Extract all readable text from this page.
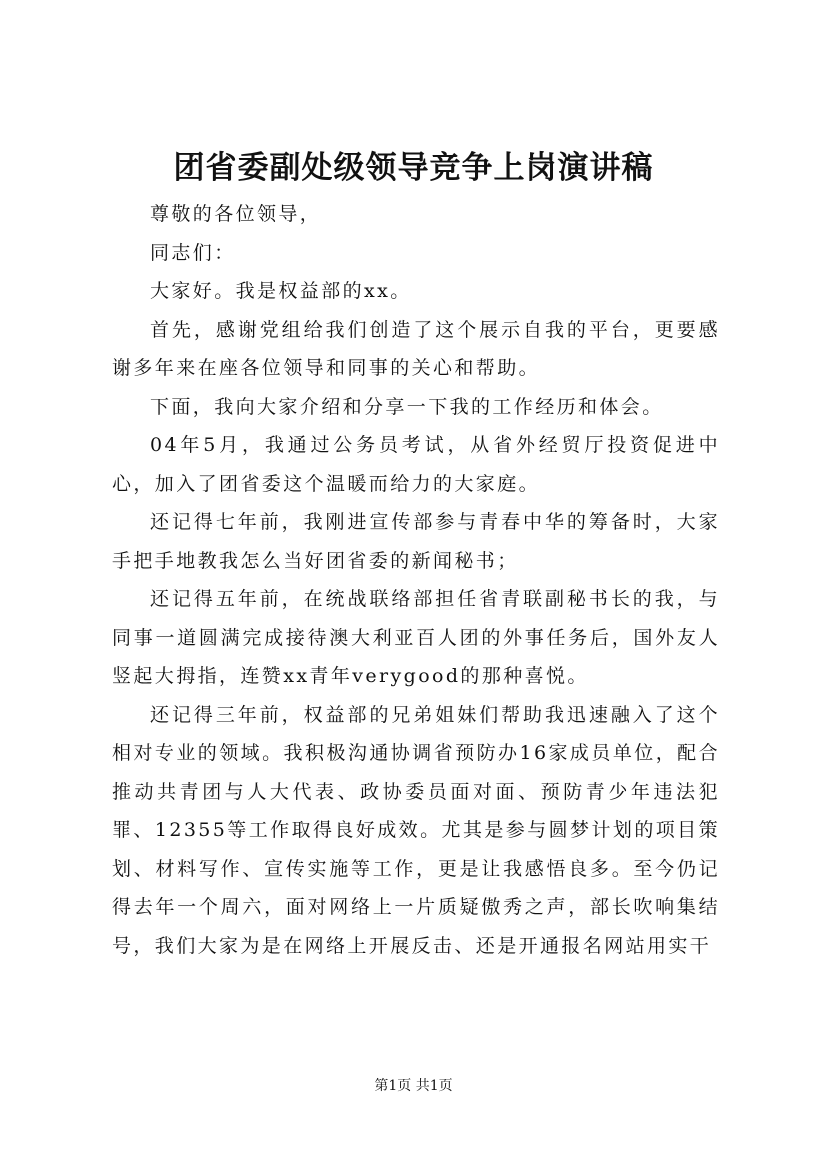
团省委副处级领导竞争上岗演讲稿

尊敬的各位领导，

同志们：

大家好。我是权益部的xx。

首先，感谢党组给我们创造了这个展示自我的平台，更要感谢多年来在座各位领导和同事的关心和帮助。

下面，我向大家介绍和分享一下我的工作经历和体会。

04年5月，我通过公务员考试，从省外经贸厅投资促进中心，加入了团省委这个温暖而给力的大家庭。

还记得七年前，我刚进宣传部参与青春中华的筹备时，大家手把手地教我怎么当好团省委的新闻秘书；

还记得五年前，在统战联络部担任省青联副秘书长的我，与同事一道圆满完成接待澳大利亚百人团的外事任务后，国外友人竖起大拇指，连赞xx青年verygood的那种喜悦。

还记得三年前，权益部的兄弟姐妹们帮助我迅速融入了这个相对专业的领域。我积极沟通协调省预防办16家成员单位，配合推动共青团与人大代表、政协委员面对面、预防青少年违法犯罪、12355等工作取得良好成效。尤其是参与圆梦计划的项目策划、材料写作、宣传实施等工作，更是让我感悟良多。至今仍记得去年一个周六，面对网络上一片质疑傲秀之声，部长吹响集结号，我们大家为是在网络上开展反击、还是开通报名网站用实干

第1页 共1页
